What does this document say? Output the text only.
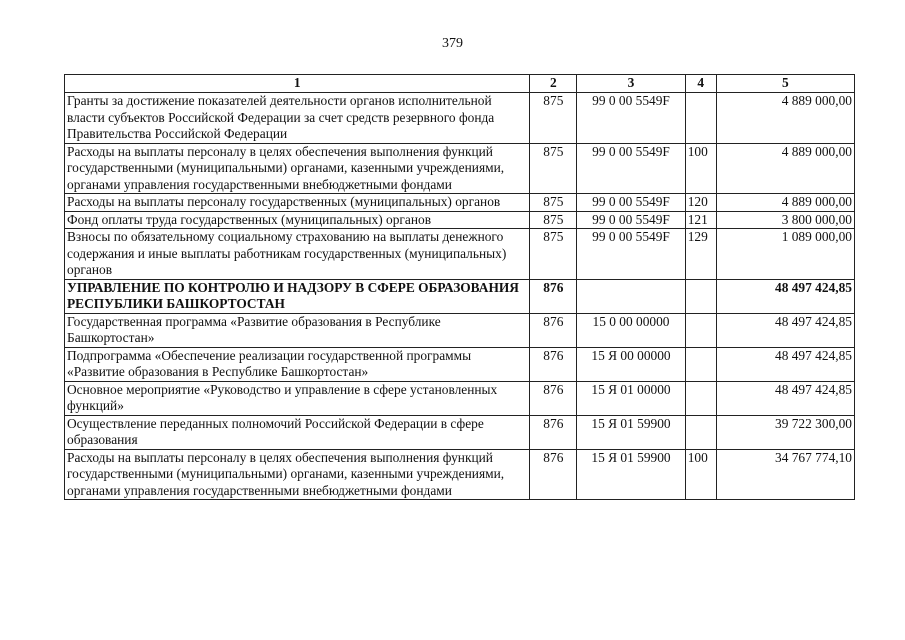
379
1	2	3	4	5
Гранты за достижение показателей деятельности органов исполнительной власти субъектов Российской Федерации за счет средств резервного фонда Правительства Российской Федерации	875	99 0 00 5549F		4 889 000,00
Расходы на выплаты персоналу в целях обеспечения выполнения функций государственными (муниципальными) органами, казенными учреждениями, органами управления государственными внебюджетными фондами	875	99 0 00 5549F	100	4 889 000,00
Расходы на выплаты персоналу государственных (муниципальных) органов	875	99 0 00 5549F	120	4 889 000,00
Фонд оплаты труда государственных (муниципальных) органов	875	99 0 00 5549F	121	3 800 000,00
Взносы по обязательному социальному страхованию на выплаты денежного содержания и иные выплаты работникам государственных (муниципальных) органов	875	99 0 00 5549F	129	1 089 000,00
УПРАВЛЕНИЕ ПО КОНТРОЛЮ И НАДЗОРУ В СФЕРЕ ОБРАЗОВАНИЯ РЕСПУБЛИКИ БАШКОРТОСТАН	876			48 497 424,85
Государственная программа «Развитие образования в Республике Башкортостан»	876	15 0 00 00000		48 497 424,85
Подпрограмма «Обеспечение реализации государственной программы «Развитие образования в Республике Башкортостан»	876	15 Я 00 00000		48 497 424,85
Основное мероприятие «Руководство и управление в сфере установленных функций»	876	15 Я 01 00000		48 497 424,85
Осуществление переданных полномочий Российской Федерации в сфере образования	876	15 Я 01 59900		39 722 300,00
Расходы на выплаты персоналу в целях обеспечения выполнения функций государственными (муниципальными) органами, казенными учреждениями, органами управления государственными внебюджетными фондами	876	15 Я 01 59900	100	34 767 774,10
